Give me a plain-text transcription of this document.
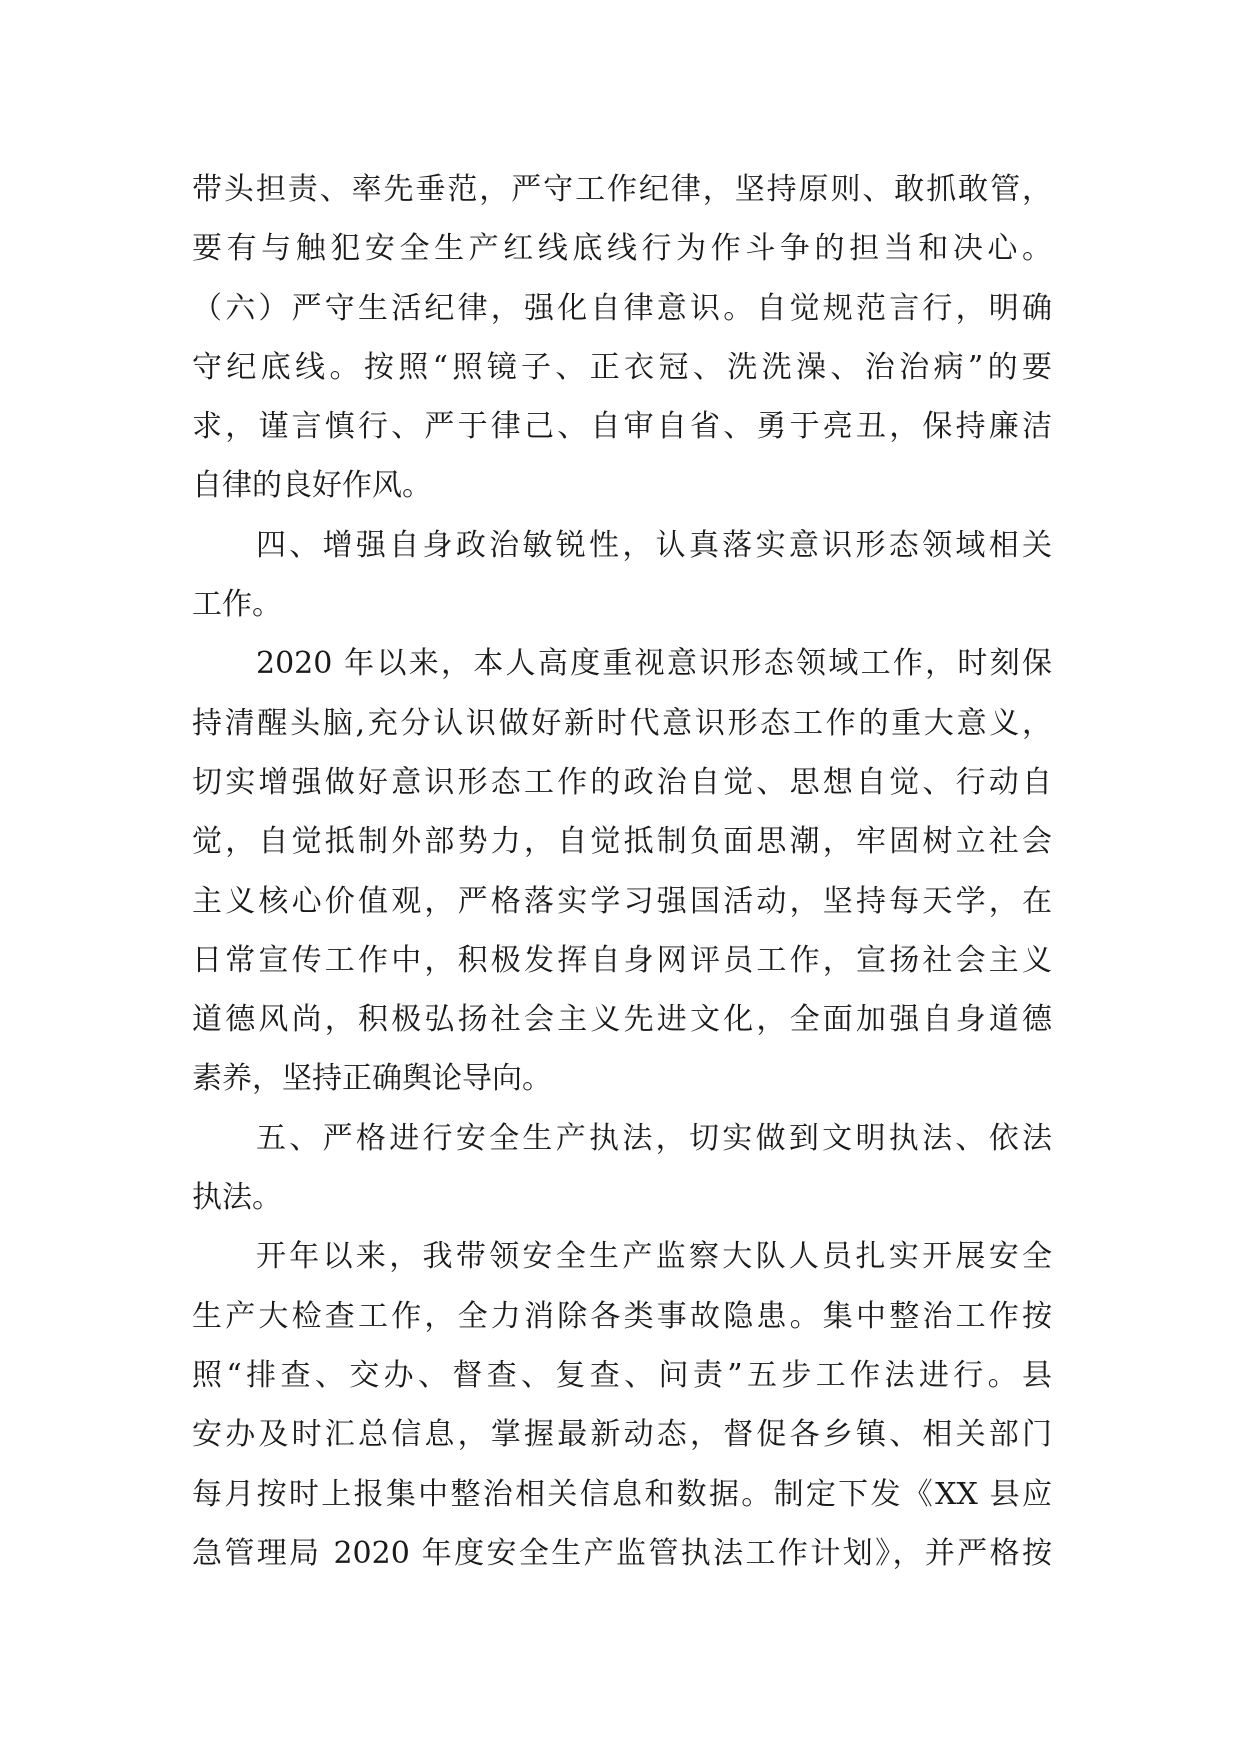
带头担责、率先垂范，严守工作纪律，坚持原则、敢抓敢管，
要有与触犯安全生产红线底线行为作斗争的担当和决心。
（六）严守生活纪律，强化自律意识。自觉规范言行，明确
守纪底线。按照“照镜子、正衣冠、洗洗澡、治治病”的要
求，谨言慎行、严于律己、自审自省、勇于亮丑，保持廉洁
自律的良好作风。
四、增强自身政治敏锐性，认真落实意识形态领域相关
工作。
2020 年以来，本人高度重视意识形态领域工作，时刻保
持清醒头脑,充分认识做好新时代意识形态工作的重大意义，
切实增强做好意识形态工作的政治自觉、思想自觉、行动自
觉，自觉抵制外部势力，自觉抵制负面思潮，牢固树立社会
主义核心价值观，严格落实学习强国活动，坚持每天学，在
日常宣传工作中，积极发挥自身网评员工作，宣扬社会主义
道德风尚，积极弘扬社会主义先进文化，全面加强自身道德
素养，坚持正确舆论导向。
五、严格进行安全生产执法，切实做到文明执法、依法
执法。
开年以来，我带领安全生产监察大队人员扎实开展安全
生产大检查工作，全力消除各类事故隐患。集中整治工作按
照“排查、交办、督查、复查、问责”五步工作法进行。县
安办及时汇总信息，掌握最新动态，督促各乡镇、相关部门
每月按时上报集中整治相关信息和数据。制定下发《XX 县应
急管理局 2020 年度安全生产监管执法工作计划》，并严格按
